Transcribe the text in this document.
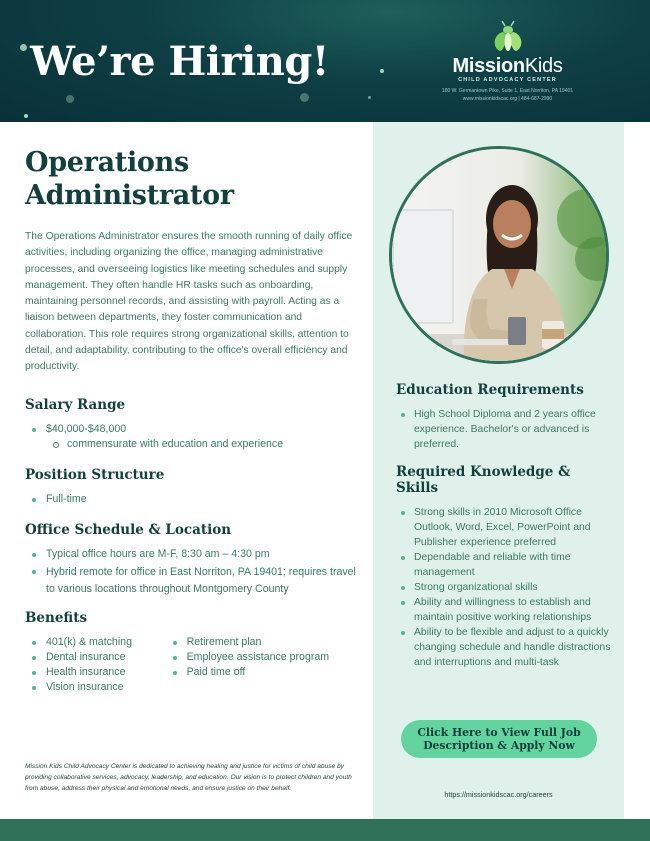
We’re Hiring!	MissionKids
CHILD ADVOCACY CENTER
180 W. Germantown Pike, Suite 1, East Norriton, PA 19401
www.missionkidscac.org | 484-687-2990
Operations
Administrator

The Operations Administrator ensures the smooth running of daily office activities, including organizing the office, managing administrative processes, and overseeing logistics like meeting schedules and supply management. They often handle HR tasks such as onboarding, maintaining personnel records, and assisting with payroll. Acting as a liaison between departments, they foster communication and collaboration. This role requires strong organizational skills, attention to detail, and adaptability, contributing to the office's overall efficiency and productivity.

Salary Range
$40,000-$48,000
commensurate with education and experience
Position Structure
Full-time
Office Schedule & Location
Typical office hours are M-F, 8:30 am – 4:30 pm
Hybrid remote for office in East Norriton, PA 19401; requires travel to various locations throughout Montgomery County
Benefits
401(k) & matching
Dental insurance
Health insurance
Vision insurance
Retirement plan
Employee assistance program
Paid time off

Mission Kids Child Advocacy Center is dedicated to achieving healing and justice for victims of child abuse by providing collaborative services, advocacy, leadership, and education. Our vision is to protect children and youth from abuse, address their physical and emotional needs, and ensure justice on their behalf.

Education Requirements
High School Diploma and 2 years office experience. Bachelor's or advanced is preferred.
Required Knowledge & Skills
Strong skills in 2010 Microsoft Office Outlook, Word, Excel, PowerPoint and Publisher experience preferred
Dependable and reliable with time management
Strong organizational skills
Ability and willingness to establish and maintain positive working relationships
Ability to be flexible and adjust to a quickly changing schedule and handle distractions and interruptions and multi-task
Click Here to View Full Job
Description & Apply Now
https://missionkidscac.org/careers
